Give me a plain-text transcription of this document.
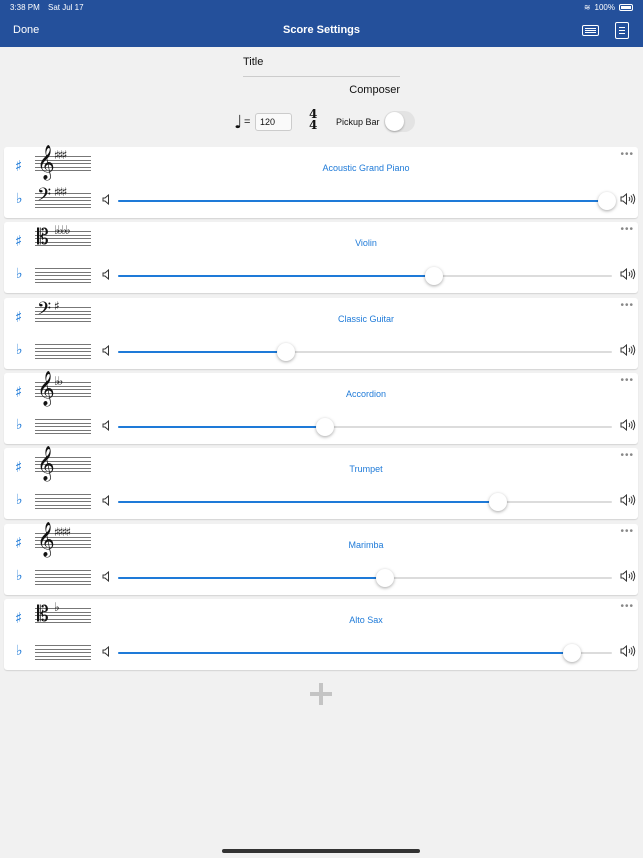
3:38 PM Sat Jul 17	≋ 100%
Done	Score Settings
Title
Composer
♩ =	120
4
4 Pickup Bar
•••
♯
♭
𝄞 ♯♯♯
𝄢 ♯♯♯
Acoustic Grand Piano
•••
♯
♭
𝄡 ♭♭♭♭
Violin
•••
♯
♭
𝄢 ♯
Classic Guitar
•••
♯
♭
𝄞 ♭♭
Accordion
•••
♯
♭
𝄞	Trumpet
•••
♯
♭
𝄞 ♯♯♯♯
Marimba
•••
♯
♭
𝄡 ♭
Alto Sax
